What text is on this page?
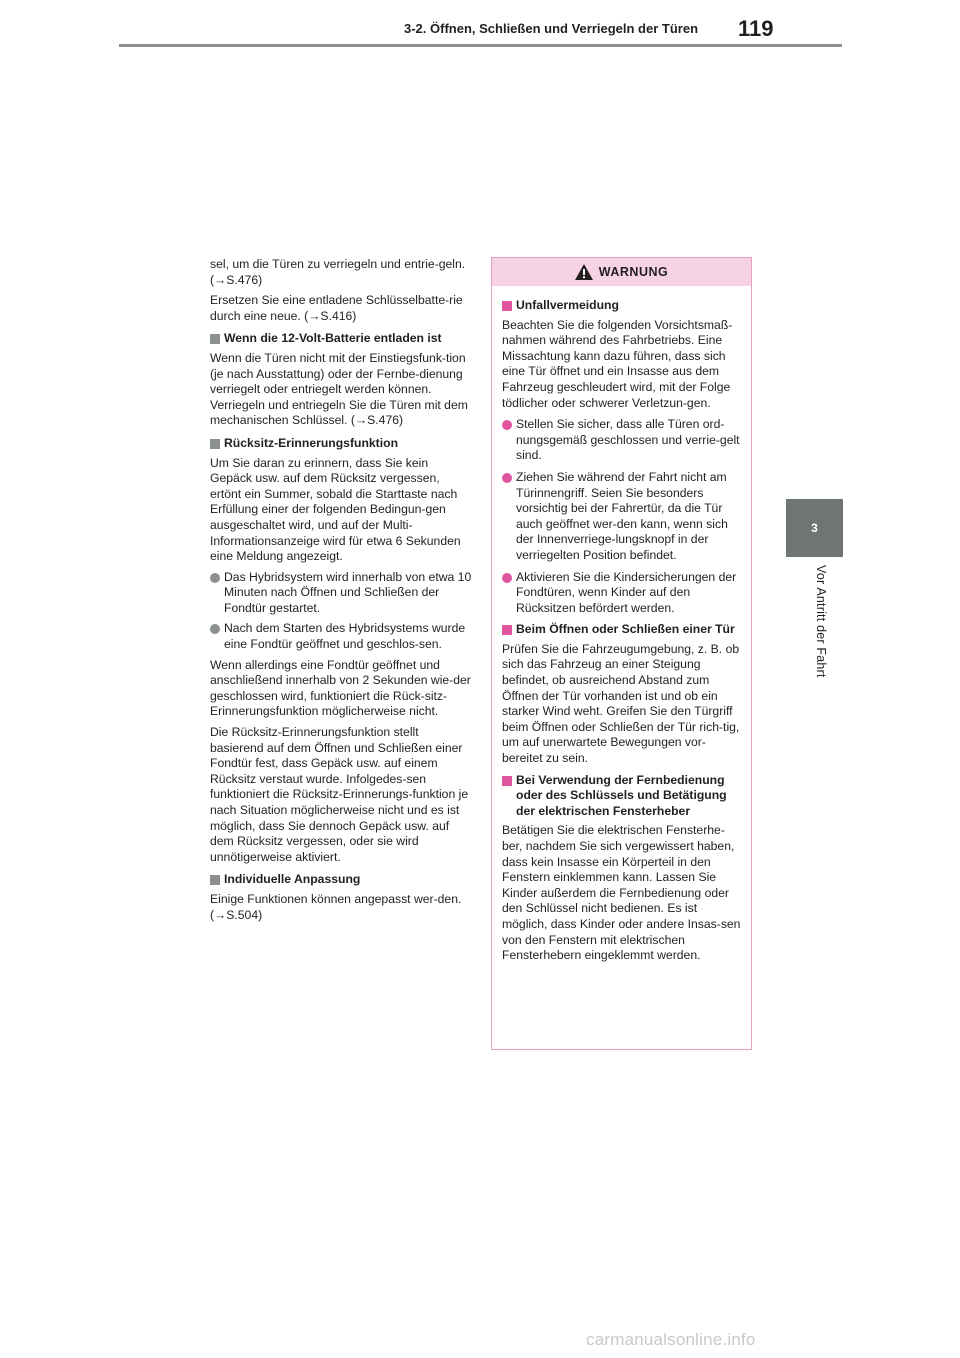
3-2. Öffnen, Schließen und Verriegeln der Türen 119
3
Vor Antritt der Fahrt

sel, um die Türen zu verriegeln und entrie-geln. (→S.476)

Ersetzen Sie eine entladene Schlüsselbatte-rie durch eine neue. (→S.416)

Wenn die 12-Volt-Batterie entladen ist

Wenn die Türen nicht mit der Einstiegsfunk-tion (je nach Ausstattung) oder der Fernbe-dienung verriegelt oder entriegelt werden können. Verriegeln und entriegeln Sie die Türen mit dem mechanischen Schlüssel. (→S.476)

Rücksitz-Erinnerungsfunktion

Um Sie daran zu erinnern, dass Sie kein Gepäck usw. auf dem Rücksitz vergessen, ertönt ein Summer, sobald die Starttaste nach Erfüllung einer der folgenden Bedingun-gen ausgeschaltet wird, und auf der Multi-Informationsanzeige wird für etwa 6 Sekunden eine Meldung angezeigt.

Das Hybridsystem wird innerhalb von etwa 10 Minuten nach Öffnen und Schließen der Fondtür gestartet.
Nach dem Starten des Hybridsystems wurde eine Fondtür geöffnet und geschlos-sen.

Wenn allerdings eine Fondtür geöffnet und anschließend innerhalb von 2 Sekunden wie-der geschlossen wird, funktioniert die Rück-sitz-Erinnerungsfunktion möglicherweise nicht.

Die Rücksitz-Erinnerungsfunktion stellt basierend auf dem Öffnen und Schließen einer Fondtür fest, dass Gepäck usw. auf einem Rücksitz verstaut wurde. Infolgedes-sen funktioniert die Rücksitz-Erinnerungs-funktion je nach Situation möglicherweise nicht und es ist möglich, dass Sie dennoch Gepäck usw. auf dem Rücksitz vergessen, oder sie wird unnötigerweise aktiviert.

Individuelle Anpassung

Einige Funktionen können angepasst wer-den. (→S.504)

WARNUNG
Unfallvermeidung

Beachten Sie die folgenden Vorsichtsmaß-nahmen während des Fahrbetriebs. Eine Missachtung kann dazu führen, dass sich eine Tür öffnet und ein Insasse aus dem Fahrzeug geschleudert wird, mit der Folge tödlicher oder schwerer Verletzun-gen.

Stellen Sie sicher, dass alle Türen ord-nungsgemäß geschlossen und verrie-gelt sind.
Ziehen Sie während der Fahrt nicht am Türinnengriff. Seien Sie besonders vorsichtig bei der Fahrertür, da die Tür auch geöffnet wer-den kann, wenn sich der Innenverriege-lungsknopf in der verriegelten Position befindet.
Aktivieren Sie die Kindersicherungen der Fondtüren, wenn Kinder auf den Rücksitzen befördert werden.
Beim Öffnen oder Schließen einer Tür

Prüfen Sie die Fahrzeugumgebung, z. B. ob sich das Fahrzeug an einer Steigung befindet, ob ausreichend Abstand zum Öffnen der Tür vorhanden ist und ob ein starker Wind weht. Greifen Sie den Türgriff beim Öffnen oder Schließen der Tür rich-tig, um auf unerwartete Bewegungen vor-bereitet zu sein.

Bei Verwendung der Fernbedienung oder des Schlüssels und Betätigung der elektrischen Fensterheber

Betätigen Sie die elektrischen Fensterhe-ber, nachdem Sie sich vergewissert haben, dass kein Insasse ein Körperteil in den Fenstern einklemmen kann. Lassen Sie Kinder außerdem die Fernbedienung oder den Schlüssel nicht bedienen. Es ist möglich, dass Kinder oder andere Insas-sen von den Fenstern mit elektrischen Fensterhebern eingeklemmt werden.

carmanualsonline.info
